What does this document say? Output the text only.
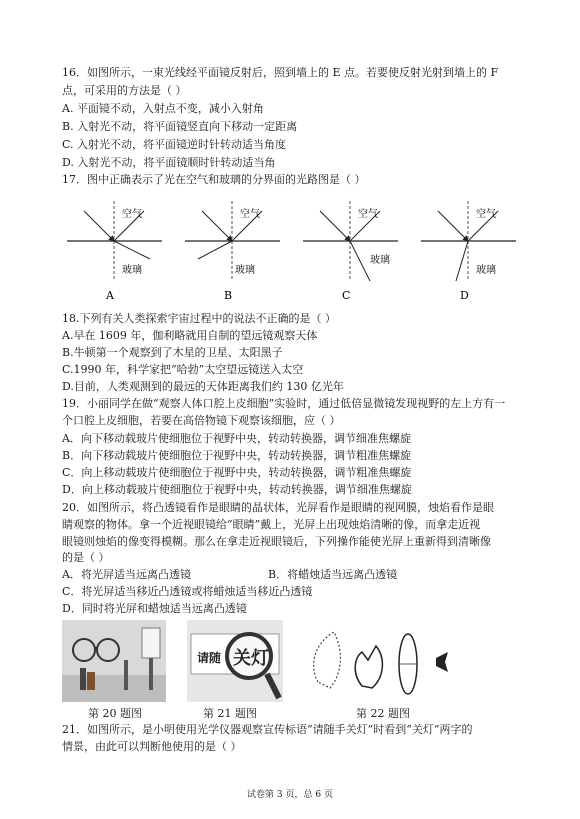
16．如图所示，一束光线经平面镜反射后，照到墙上的 E 点。若要使反射光射到墙上的 F
点，可采用的方法是（ ）
A. 平面镜不动，入射点不变，减小入射角
B. 入射光不动，将平面镜竖直向下移动一定距离
C. 入射光不动，将平面镜逆时针转动适当角度
D. 入射光不动，将平面镜顺时针转动适当角
17．图中正确表示了光在空气和玻璃的分界面的光路图是（ ）
空气
玻璃
A
空气
玻璃
B
空气
玻璃
C
空气
玻璃
D
18.下列有关人类探索宇宙过程中的说法不正确的是（ ）
A.早在 1609 年，伽利略就用自制的望远镜观察天体
B.牛顿第一个观察到了木星的卫星、太阳黑子
C.1990 年，科学家把“哈勃”太空望远镜送入太空
D.目前，人类观测到的最远的天体距离我们约 130 亿光年
19．小丽同学在做“观察人体口腔上皮细胞”实验时，通过低倍显微镜发现视野的左上方有一
个口腔上皮细胞，若要在高倍物镜下观察该细胞，应（ ）
A．向下移动载玻片使细胞位于视野中央，转动转换器，调节细准焦螺旋
B．向下移动载玻片使细胞位于视野中央，转动转换器，调节粗准焦螺旋
C．向上移动载玻片使细胞位于视野中央，转动转换器，调节粗准焦螺旋
D．向上移动载玻片使细胞位于视野中央，转动转换器，调节细准焦螺旋
20．如图所示，将凸透镜看作是眼睛的晶状体，光屏看作是眼睛的视网膜，烛焰看作是眼
睛观察的物体。拿一个近视眼镜给“眼睛”戴上，光屏上出现烛焰清晰的像，而拿走近视
眼镜则烛焰的像变得模糊。那么在拿走近视眼镜后，下列操作能使光屏上重新得到清晰像
的是（ ）
A．将光屏适当远离凸透镜	B．将蜡烛适当远离凸透镜
C．将光屏适当移近凸透镜或将蜡烛适当移近凸透镜
D．同时将光屏和蜡烛适当远离凸透镜
请随 关灯
第 20 题图	第 21 题图	第 22 题图
21．如图所示，是小明使用光学仪器观察宣传标语“请随手关灯”时看到“关灯”两字的
情景，由此可以判断他使用的是（ ）
试卷第 3 页，总 6 页
